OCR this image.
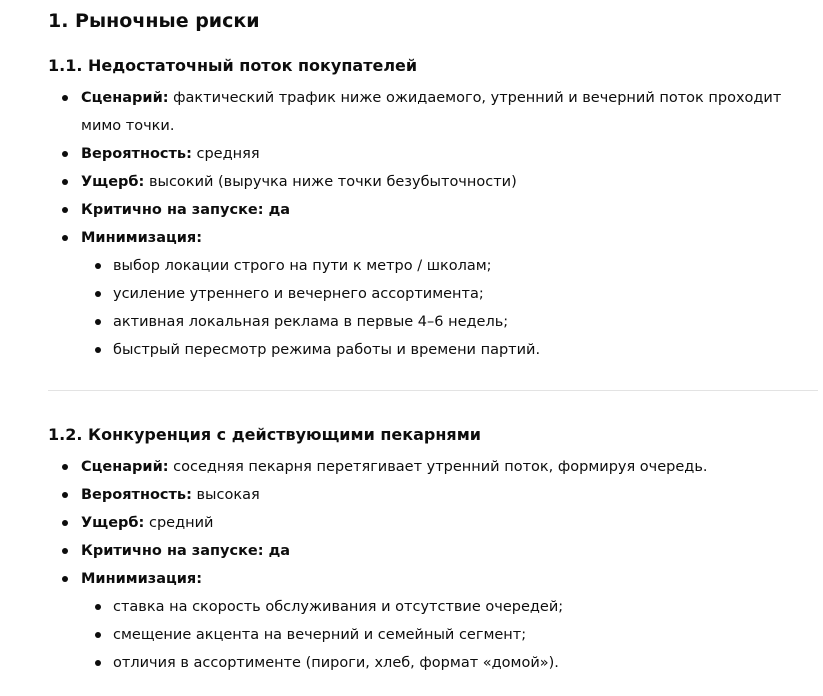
1. Рыночные риски
1.1. Недостаточный поток покупателей
Сценарий: фактический трафик ниже ожидаемого, утренний и вечерний поток проходит мимо точки.
Вероятность: средняя
Ущерб: высокий (выручка ниже точки безубыточности)
Критично на запуске: да
Минимизация:
выбор локации строго на пути к метро / школам;
усиление утреннего и вечернего ассортимента;
активная локальная реклама в первые 4–6 недель;
быстрый пересмотр режима работы и времени партий.
1.2. Конкуренция с действующими пекарнями
Сценарий: соседняя пекарня перетягивает утренний поток, формируя очередь.
Вероятность: высокая
Ущерб: средний
Критично на запуске: да
Минимизация:
ставка на скорость обслуживания и отсутствие очередей;
смещение акцента на вечерний и семейный сегмент;
отличия в ассортименте (пироги, хлеб, формат «домой»).
